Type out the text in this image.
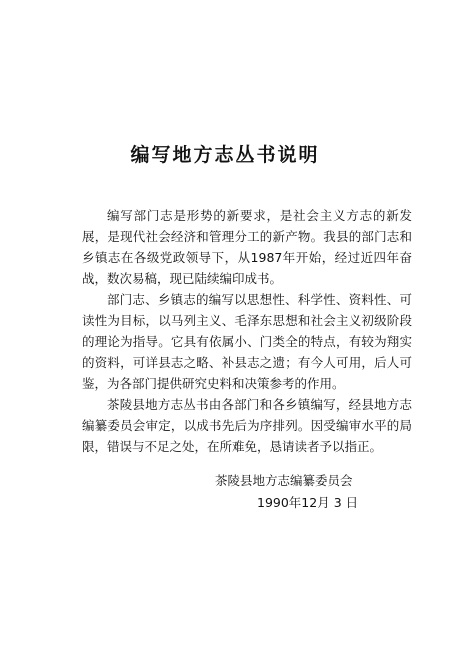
编写地方志丛书说明

编写部门志是形势的新要求，是社会主义方志的新发展，是现代社会经济和管理分工的新产物。我县的部门志和乡镇志在各级党政领导下，从1987年开始，经过近四年奋战，数次易稿，现已陆续编印成书。

部门志、乡镇志的编写以思想性、科学性、资料性、可读性为目标，以马列主义、毛泽东思想和社会主义初级阶段的理论为指导。它具有依属小、门类全的特点，有较为翔实的资料，可详县志之略、补县志之遗；有今人可用，后人可鉴，为各部门提供研究史料和决策参考的作用。

茶陵县地方志丛书由各部门和各乡镇编写，经县地方志编纂委员会审定，以成书先后为序排列。因受编审水平的局限，错误与不足之处，在所难免，恳请读者予以指正。

茶陵县地方志编纂委员会
1990年12月 3 日
